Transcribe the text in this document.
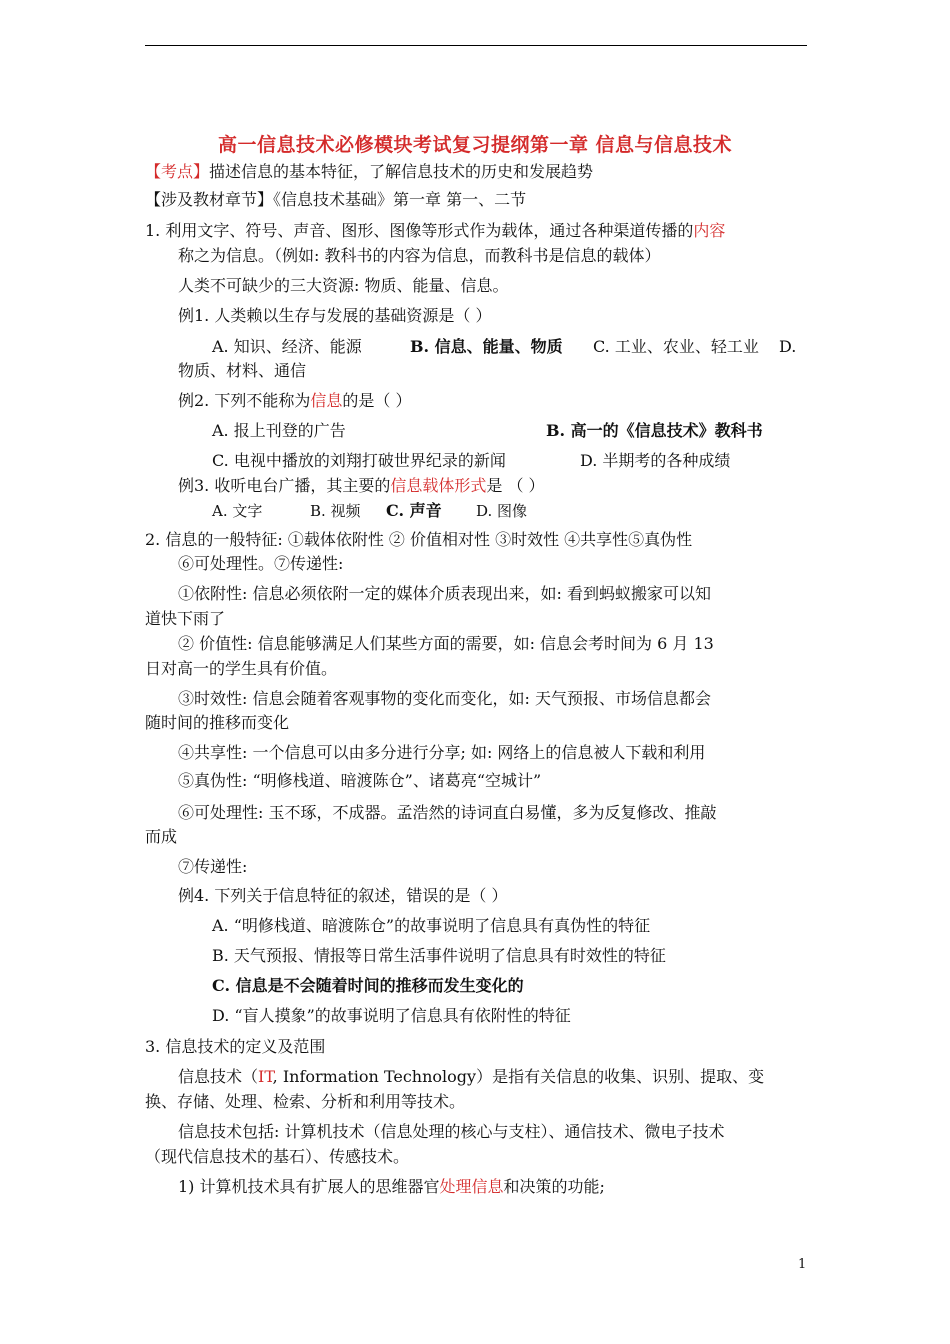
高一信息技术必修模块考试复习提纲第一章 信息与信息技术
【考点】描述信息的基本特征，了解信息技术的历史和发展趋势
【涉及教材章节】《信息技术基础》第一章 第一、二节
1. 利用文字、符号、声音、图形、图像等形式作为载体，通过各种渠道传播的内容
称之为信息。（例如: 教科书的内容为信息，而教科书是信息的载体）
人类不可缺少的三大资源: 物质、能量、信息。
例1. 人类赖以生存与发展的基础资源是（ ）
A. 知识、经济、能源	B. 信息、能量、物质 C. 工业、农业、轻工业 D.
物质、材料、通信
例2. 下列不能称为信息的是（ ）
A. 报上刊登的广告	B. 高一的《信息技术》教科书
C. 电视中播放的刘翔打破世界纪录的新闻	D. 半期考的各种成绩
例3. 收听电台广播，其主要的信息载体形式是 （ ）
A. 文字	B. 视频 C. 声音 D. 图像
2. 信息的一般特征: ①载体依附性 ② 价值相对性 ③时效性 ④共享性⑤真伪性
⑥可处理性。⑦传递性:
①依附性: 信息必须依附一定的媒体介质表现出来，如: 看到蚂蚁搬家可以知
道快下雨了
② 价值性: 信息能够满足人们某些方面的需要，如: 信息会考时间为 6 月 13
日对高一的学生具有价值。
③时效性: 信息会随着客观事物的变化而变化，如: 天气预报、市场信息都会
随时间的推移而变化
④共享性: 一个信息可以由多分进行分享; 如: 网络上的信息被人下载和利用
⑤真伪性: “明修栈道、暗渡陈仓”、诸葛亮“空城计”
⑥可处理性: 玉不琢，不成器。孟浩然的诗词直白易懂，多为反复修改、推敲
而成
⑦传递性:
例4. 下列关于信息特征的叙述，错误的是（ ）
A. “明修栈道、暗渡陈仓”的故事说明了信息具有真伪性的特征
B. 天气预报、情报等日常生活事件说明了信息具有时效性的特征
C. 信息是不会随着时间的推移而发生变化的
D. “盲人摸象”的故事说明了信息具有依附性的特征
3. 信息技术的定义及范围
信息技术（IT, Information Technology）是指有关信息的收集、识别、提取、变
换、存储、处理、检索、分析和利用等技术。
信息技术包括: 计算机技术（信息处理的核心与支柱）、通信技术、微电子技术
（现代信息技术的基石）、传感技术。
1) 计算机技术具有扩展人的思维器官处理信息和决策的功能;
1
